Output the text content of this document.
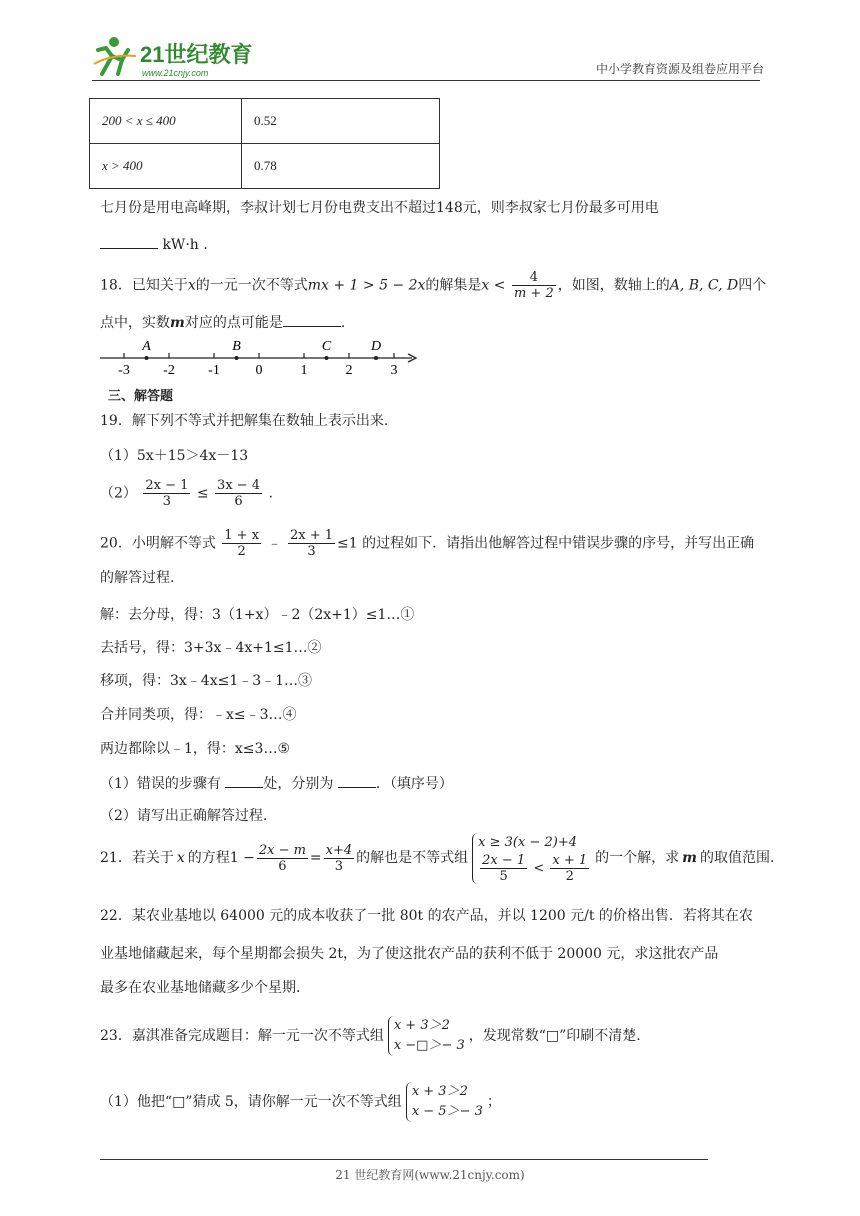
21世纪教育
www.21cnjy.com	中小学教育资源及组卷应用平台
200 < x ≤ 400	0.52
x > 400	0.78
七月份是用电高峰期，李叔计划七月份电费支出不超过148元，则李叔家七月份最多可用电
kW·h .
18．已知关于x的一元一次不等式mx + 1 > 5 − 2x的解集是$x < \frac{4}{m + 2}$ ，如图，数轴上的A, B, C, D四个
点中，实数m对应的点可能是	.
-3 -2 -1	0	1	2	3
A	B	C	D
三、解答题
19．解下列不等式并把解集在数轴上表示出来.
（1）5x＋15＞4x－13
$(2) \frac{2x - 1}{3} \le \frac{3x - 4}{6}$ .
20．小明解不等式 $\frac{1 + x}{2}$ ﹣ $\frac{2x + 1}{3} \le 1$ 的过程如下．请指出他解答过程中错误步骤的序号，并写出正确
的解答过程.
解：去分母，得：3（1+x）﹣2（2x+1）≤1…①
去括号，得：3+3x﹣4x+1≤1…②
移项，得：3x﹣4x≤1﹣3﹣1…③
合并同类项，得：﹣x≤﹣3…④
两边都除以﹣1，得：x≤3…⑤
（1）错误的步骤有	处，分别为	．（填序号）
（2）请写出正确解答过程.
21．若关于 x 的方程 $1 - \frac{2x - m}{6} = \frac{x+4}{3}$ 的解也是不等式组
x ≥ 3(x − 2)+4
$\frac{2x - 1}{5} < \frac{x + 1}{2}$ 的一个解，求 m 的取值范围.
22．某农业基地以 64000 元的成本收获了一批 80t 的农产品，并以 1200 元/t 的价格出售．若将其在农
业基地储藏起来，每个星期都会损失 2t，为了使这批农产品的获利不低于 20000 元，求这批农产品
最多在农业基地储藏多少个星期.
23．嘉淇准备完成题目：解一元一次不等式组
x + 3＞2
x −□＞− 3
，发现常数“□”印刷不清楚.
（1）他把“□”猜成 5，请你解一元一次不等式组
x + 3＞2
x − 5＞− 3
；
21 世纪教育网(www.21cnjy.com)
